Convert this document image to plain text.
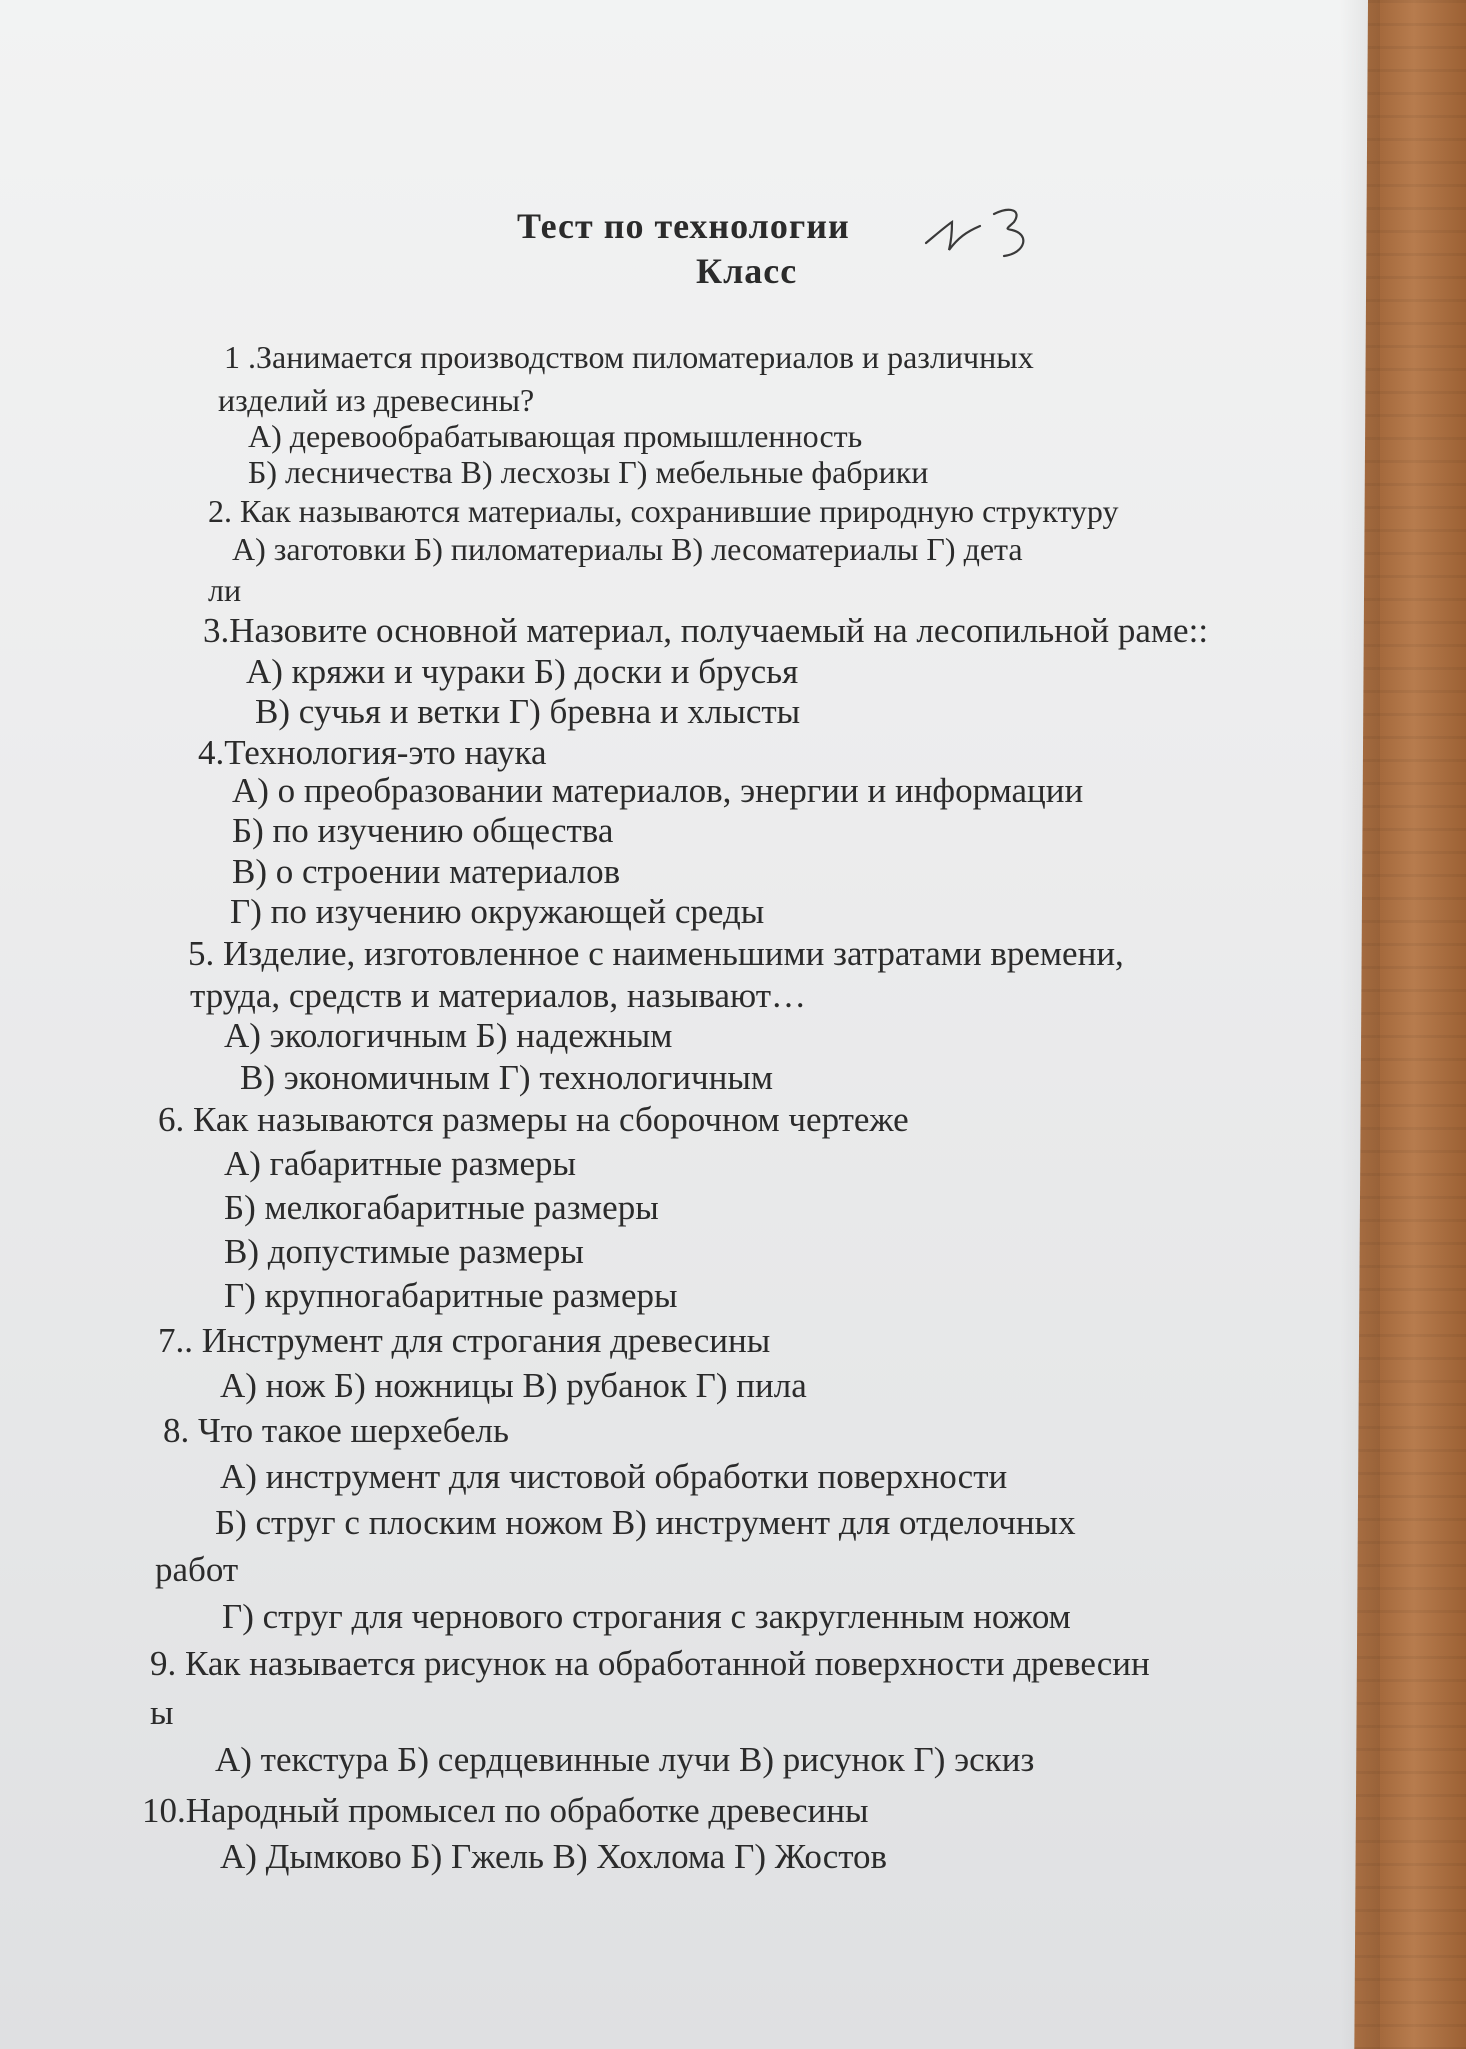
Тест по технологии
Класс
1 .Занимается производством пиломатериалов и различных
изделий из древесины?
А) деревообрабатывающая промышленность
Б) лесничества В) лесхозы Г) мебельные фабрики
2. Как называются материалы, сохранившие природную структуру
А) заготовки Б) пиломатериалы В) лесоматериалы Г) дета
ли
3.Назовите основной материал, получаемый на лесопильной раме::
А) кряжи и чураки Б) доски и брусья
В) сучья и ветки Г) бревна и хлысты
4.Технология-это наука
А) о преобразовании материалов, энергии и информации
Б) по изучению общества
В) о строении материалов
Г) по изучению окружающей среды
5. Изделие, изготовленное с наименьшими затратами времени,
труда, средств и материалов, называют…
А) экологичным Б) надежным
В) экономичным Г) технологичным
6. Как называются размеры на сборочном чертеже
А) габаритные размеры
Б) мелкогабаритные размеры
В) допустимые размеры
Г) крупногабаритные размеры
7.. Инструмент для строгания древесины
А) нож Б) ножницы В) рубанок Г) пила
8. Что такое шерхебель
А) инструмент для чистовой обработки поверхности
Б) струг с плоским ножом В) инструмент для отделочных
работ
Г) струг для чернового строгания с закругленным ножом
9. Как называется рисунок на обработанной поверхности древесин
ы
А) текстура Б) сердцевинные лучи В) рисунок Г) эскиз
10.Народный промысел по обработке древесины
А) Дымково Б) Гжель В) Хохлома Г) Жостов
